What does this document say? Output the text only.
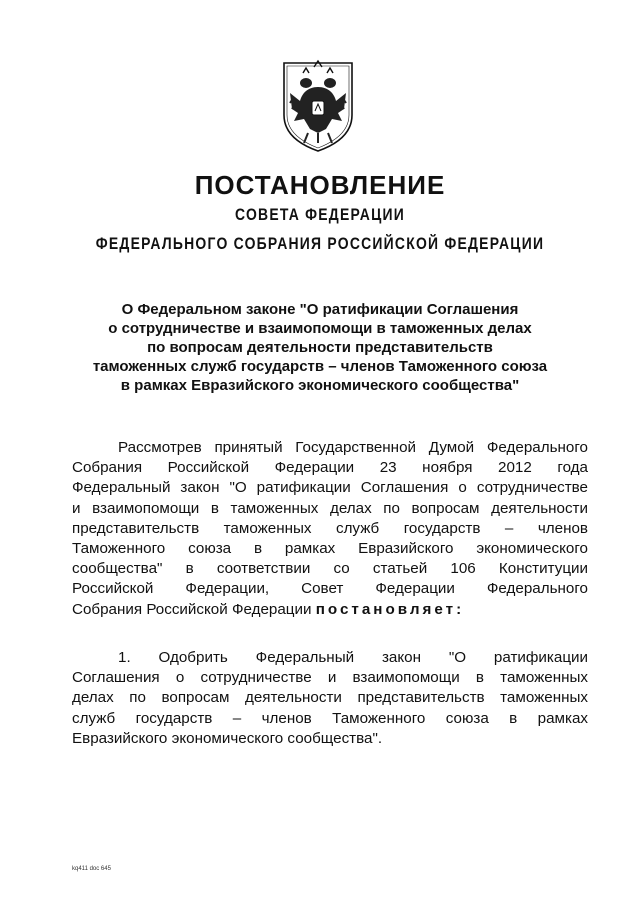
ПОСТАНОВЛЕНИЕ
СОВЕТА ФЕДЕРАЦИИ
ФЕДЕРАЛЬНОГО СОБРАНИЯ РОССИЙСКОЙ ФЕДЕРАЦИИ
О Федеральном законе "О ратификации Соглашения
о сотрудничестве и взаимопомощи в таможенных делах
по вопросам деятельности представительств
таможенных служб государств – членов Таможенного союза
в рамках Евразийского экономического сообщества"
Рассмотрев принятый Государственной Думой Федерального
Собрания Российской Федерации 23 ноября 2012 года
Федеральный закон "О ратификации Соглашения о сотрудничестве
и взаимопомощи в таможенных делах по вопросам деятельности
представительств таможенных служб государств – членов
Таможенного союза в рамках Евразийского экономического
сообщества" в соответствии со статьей 106 Конституции
Российской Федерации, Совет Федерации Федерального
Собрания Российской Федерации постановляет:
1. Одобрить Федеральный закон "О ратификации
Соглашения о сотрудничестве и взаимопомощи в таможенных
делах по вопросам деятельности представительств таможенных
служб государств – членов Таможенного союза в рамках
Евразийского экономического сообщества".
kq411 doc 645
